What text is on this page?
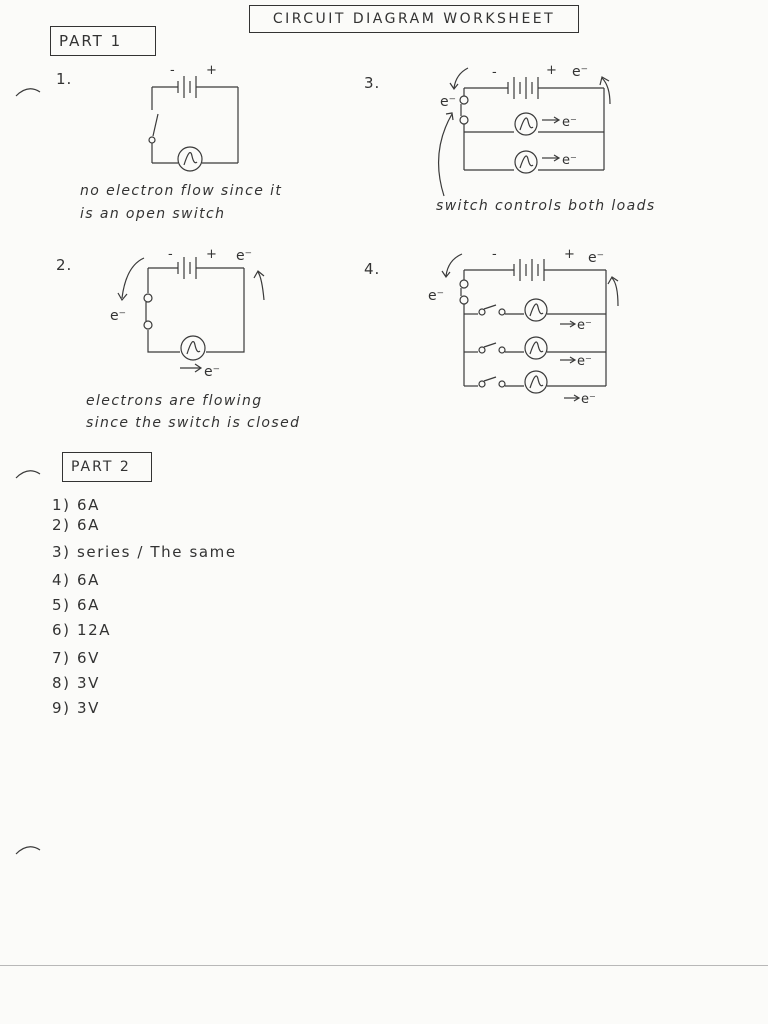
CIRCUIT DIAGRAM WORKSHEET
PART 1
1.
2.
3.
4.
- +
no electron flow since it
is an open switch
-	+ e⁻
e⁻
e⁻
electrons are flowing
since the switch is closed
-	+ e⁻
e⁻
e⁻
e⁻
switch controls both loads
-	+ e⁻
e⁻
e⁻
e⁻
e⁻
PART 2
1) 6A
2) 6A
3) series / The same
4) 6A
5) 6A
6) 12A
7) 6V
8) 3V
9) 3V
